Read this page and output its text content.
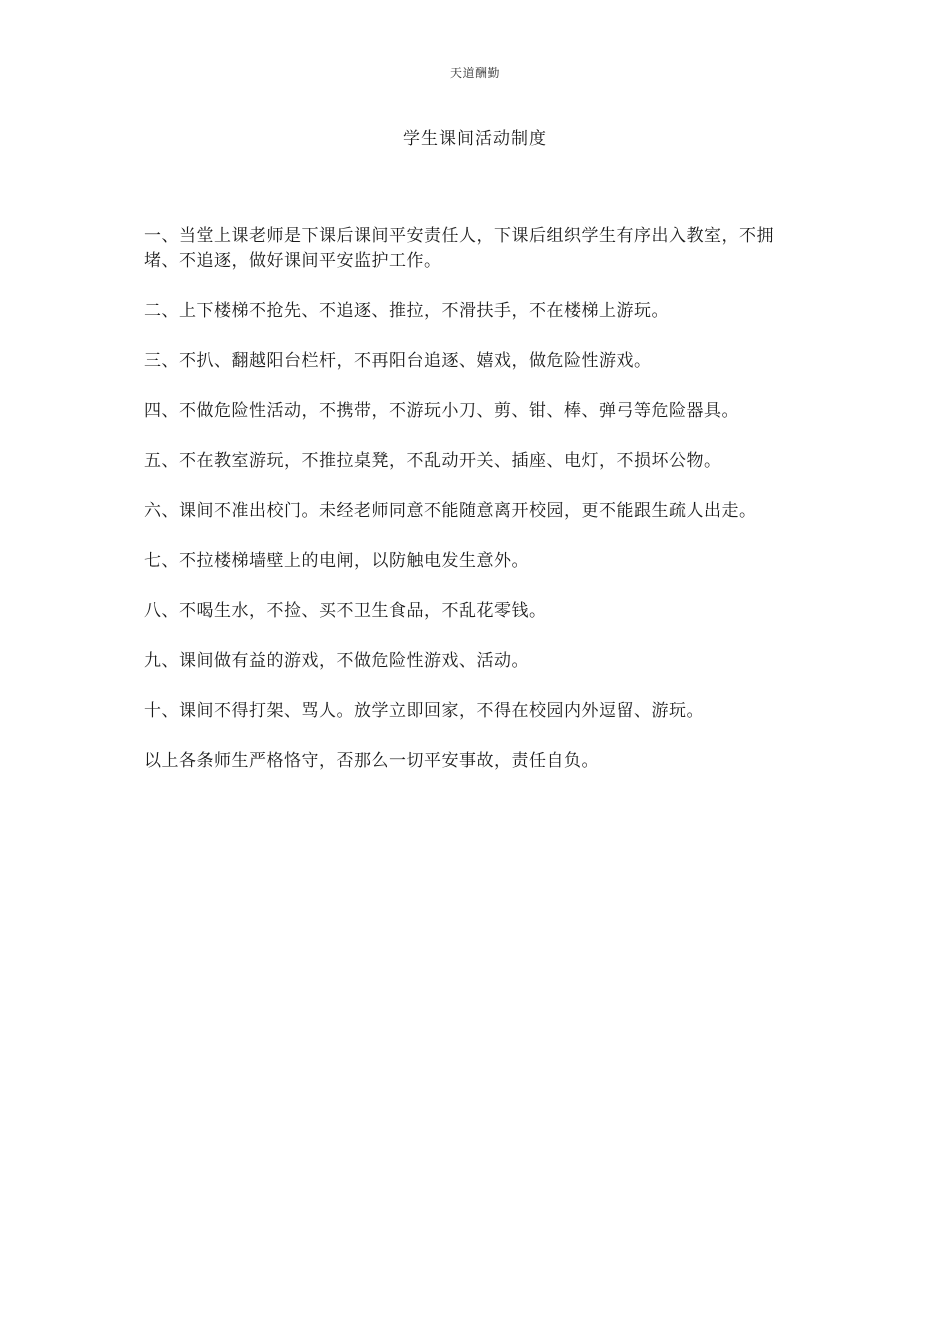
天道酬勤
学生课间活动制度

一、当堂上课老师是下课后课间平安责任人，下课后组织学生有序出入教室，不拥堵、不追逐，做好课间平安监护工作。

二、上下楼梯不抢先、不追逐、推拉，不滑扶手，不在楼梯上游玩。

三、不扒、翻越阳台栏杆，不再阳台追逐、嬉戏，做危险性游戏。

四、不做危险性活动，不携带，不游玩小刀、剪、钳、棒、弹弓等危险器具。

五、不在教室游玩，不推拉桌凳，不乱动开关、插座、电灯，不损坏公物。

六、课间不准出校门。未经老师同意不能随意离开校园，更不能跟生疏人出走。

七、不拉楼梯墙壁上的电闸，以防触电发生意外。

八、不喝生水，不捡、买不卫生食品，不乱花零钱。

九、课间做有益的游戏，不做危险性游戏、活动。

十、课间不得打架、骂人。放学立即回家，不得在校园内外逗留、游玩。

以上各条师生严格恪守，否那么一切平安事故，责任自负。
